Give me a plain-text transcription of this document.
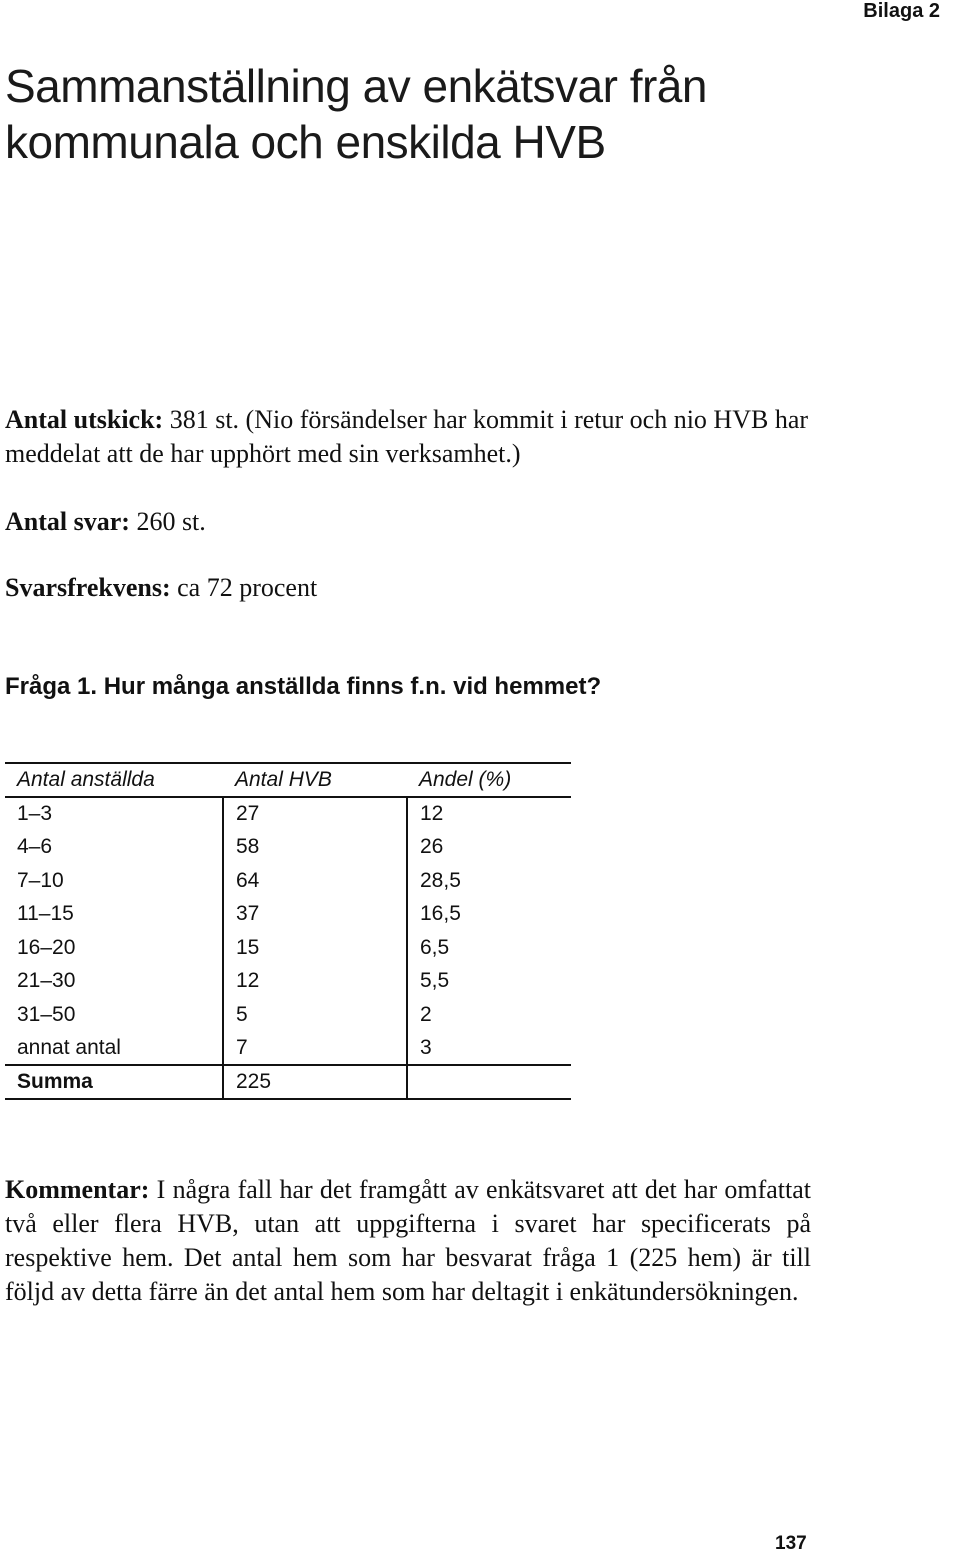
Bilaga 2
Sammanställning av enkätsvar från
kommunala och enskilda HVB

Antal utskick: 381 st. (Nio försändelser har kommit i retur och nio HVB har meddelat att de har upphört med sin verksamhet.)

Antal svar: 260 st.

Svarsfrekvens: ca 72 procent

Fråga 1. Hur många anställda finns f.n. vid hemmet?
Antal anställda	Antal HVB	Andel (%)
1–3	27	12
4–6	58	26
7–10	64	28,5
11–15	37	16,5
16–20	15	6,5
21–30	12	5,5
31–50	5	2
annat antal	7	3
Summa	225	

Kommentar: I några fall har det framgått av enkätsvaret att det har omfattat två eller flera HVB, utan att uppgifterna i svaret har specificerats på respektive hem. Det antal hem som har besvarat fråga 1 (225 hem) är till följd av detta färre än det antal hem som har deltagit i enkätundersökningen.

137
